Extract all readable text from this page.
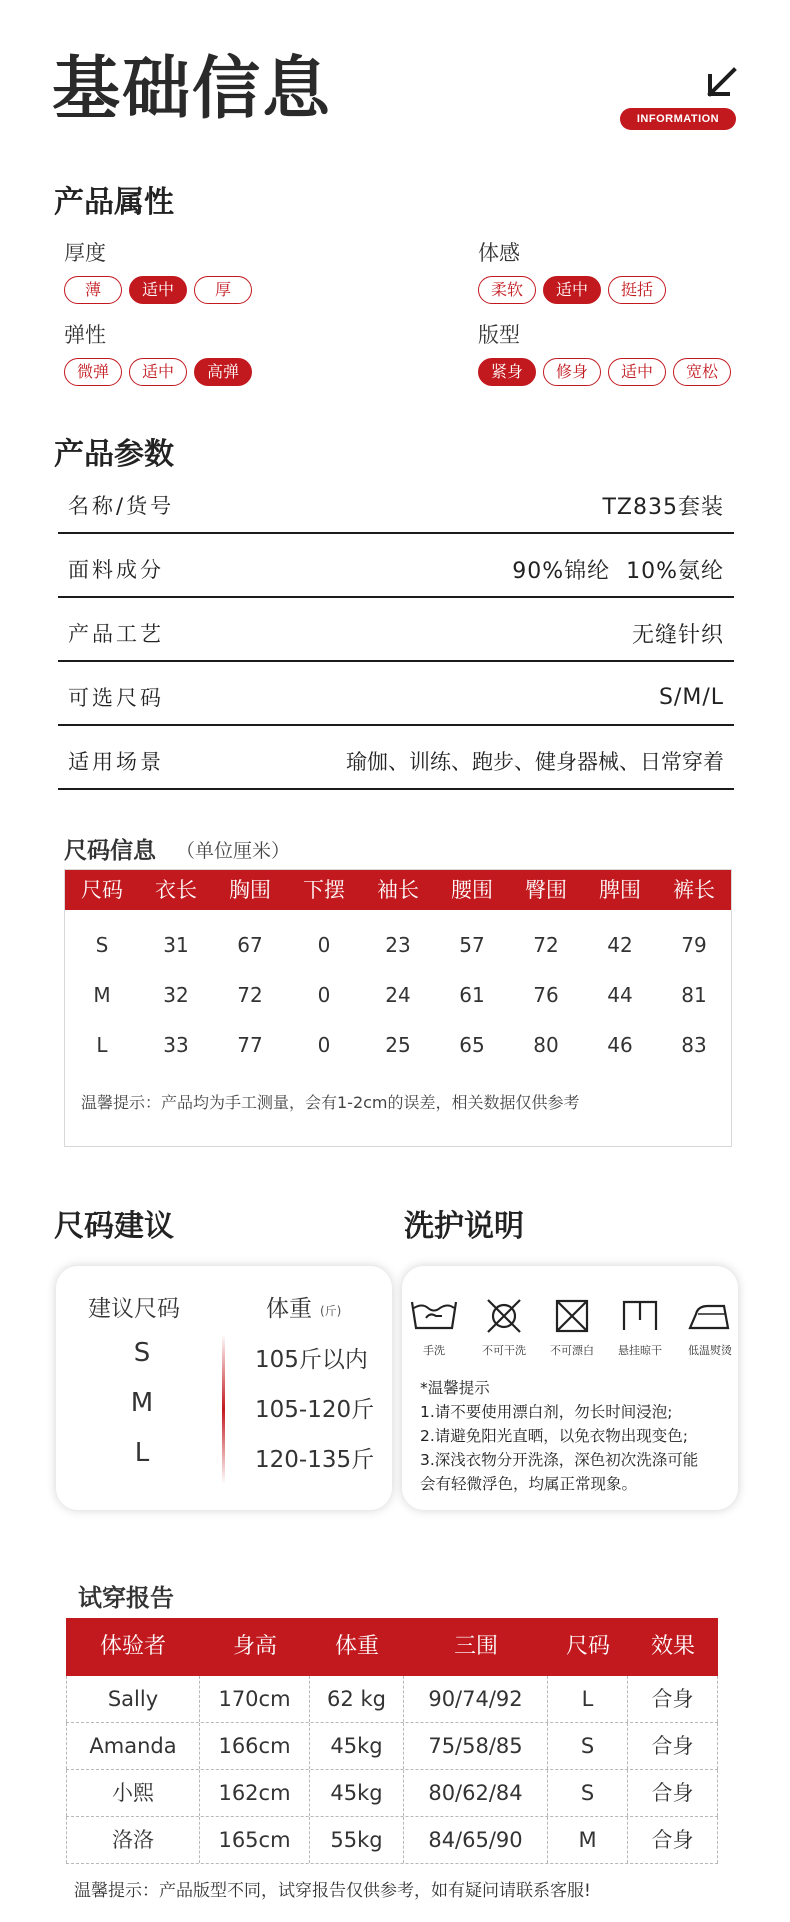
基础信息	INFORMATION
产品属性
厚度
薄	适中	厚
体感
柔软	适中	挺括
弹性
微弹	适中	高弹
版型
紧身	修身	适中	宽松
产品参数
名称/货号	TZ835套装
面料成分	90%锦纶  10%氨纶
产品工艺	无缝针织
可选尺码	S/M/L
适用场景	瑜伽、训练、跑步、健身器械、日常穿着
尺码信息 （单位厘米）
尺码	衣长	胸围	下摆	袖长	腰围	臀围	脾围	裤长
S	31	67	0	23	57	72	42	79
M	32	72	0	24	61	76	44	81
L	33	77	0	25	65	80	46	83
温馨提示：产品均为手工测量，会有1-2cm的误差，相关数据仅供参考
尺码建议
建议尺码	体重 (斤)
S	105斤以内
M	105-120斤
L	120-135斤
洗护说明
手洗	不可干洗	不可漂白	悬挂晾干	低温熨烫
*温馨提示
1.请不要使用漂白剂，勿长时间浸泡;
2.请避免阳光直晒，以免衣物出现变色;
3.深浅衣物分开洗涤，深色初次洗涤可能
会有轻微浮色，均属正常现象。
试穿报告
体验者	身高	体重	三围	尺码	效果
Sally	170cm	62 kg	90/74/92	L	合身
Amanda	166cm	45kg	75/58/85	S	合身
小熙	162cm	45kg	80/62/84	S	合身
洛洛	165cm	55kg	84/65/90	M	合身
温馨提示：产品版型不同，试穿报告仅供参考，如有疑问请联系客服!
